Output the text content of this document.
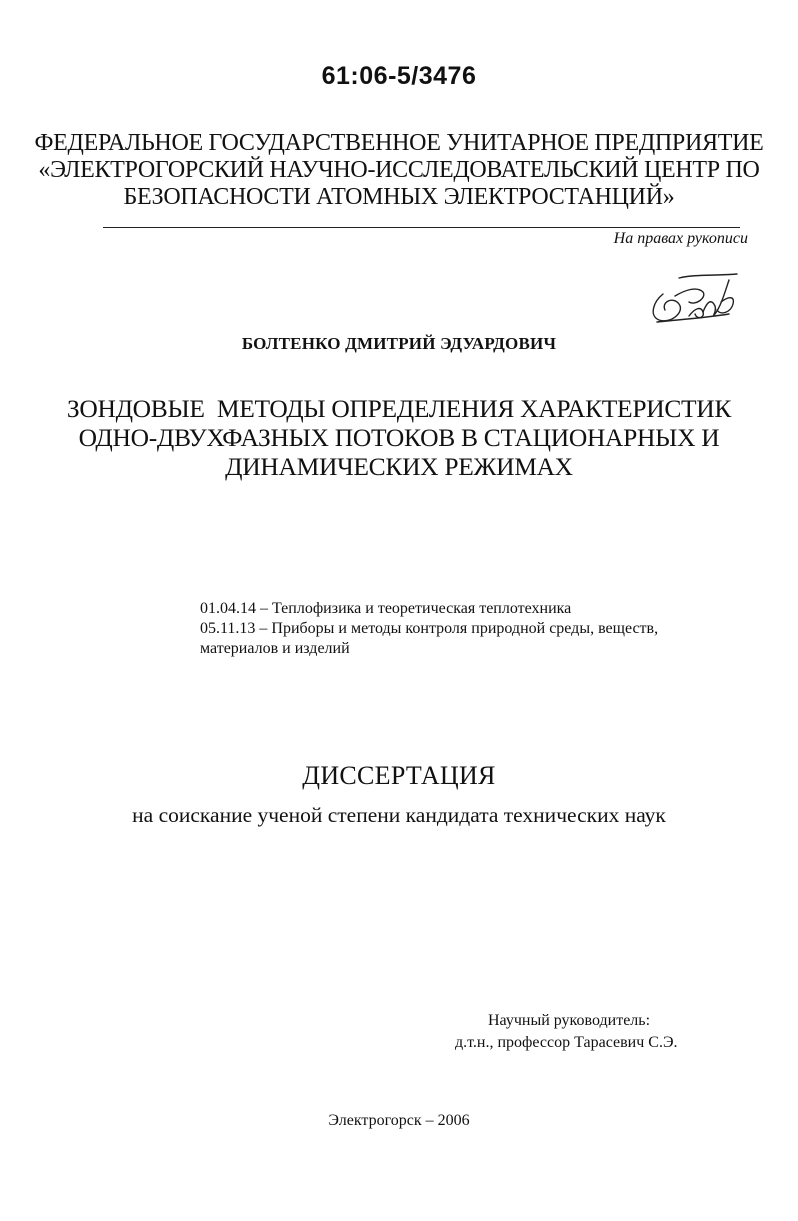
61:06-5/3476
ФЕДЕРАЛЬНОЕ ГОСУДАРСТВЕННОЕ УНИТАРНОЕ ПРЕДПРИЯТИЕ
«ЭЛЕКТРОГОРСКИЙ НАУЧНО-ИССЛЕДОВАТЕЛЬСКИЙ ЦЕНТР ПО
БЕЗОПАСНОСТИ АТОМНЫХ ЭЛЕКТРОСТАНЦИЙ»
На правах рукописи
БОЛТЕНКО ДМИТРИЙ ЭДУАРДОВИЧ
ЗОНДОВЫЕ  МЕТОДЫ ОПРЕДЕЛЕНИЯ ХАРАКТЕРИСТИК
ОДНО-ДВУХФАЗНЫХ ПОТОКОВ В СТАЦИОНАРНЫХ И
ДИНАМИЧЕСКИХ РЕЖИМАХ
01.04.14 – Теплофизика и теоретическая теплотехника
05.11.13 – Приборы и методы контроля природной среды, веществ,
материалов и изделий
ДИССЕРТАЦИЯ
на соискание ученой степени кандидата технических наук
Научный руководитель:
д.т.н., профессор Тарасевич С.Э.
Электрогорск – 2006
